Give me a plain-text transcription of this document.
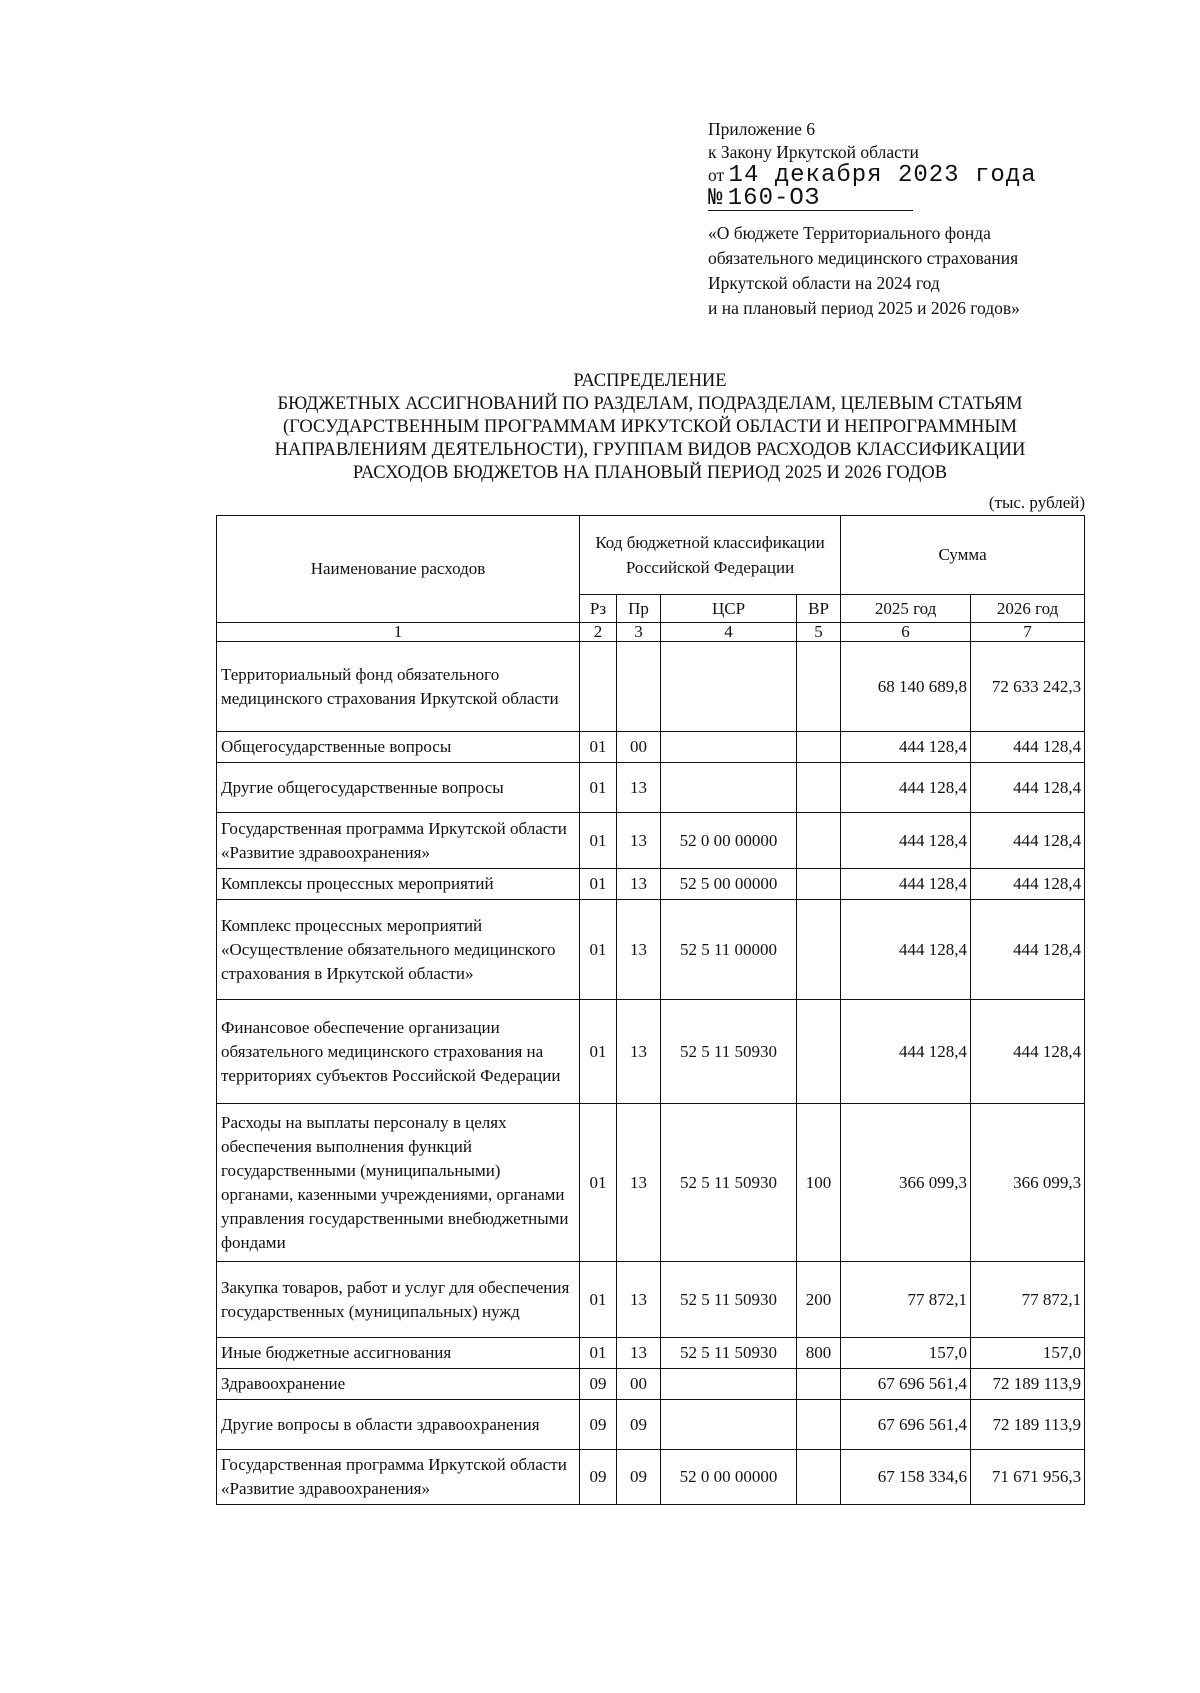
Приложение 6
к Закону Иркутской области
от 14 декабря 2023 года
№ 160-ОЗ
«О бюджете Территориального фонда
обязательного медицинского страхования
Иркутской области на 2024 год
и на плановый период 2025 и 2026 годов»
РАСПРЕДЕЛЕНИЕ
БЮДЖЕТНЫХ АССИГНОВАНИЙ ПО РАЗДЕЛАМ, ПОДРАЗДЕЛАМ, ЦЕЛЕВЫМ СТАТЬЯМ
(ГОСУДАРСТВЕННЫМ ПРОГРАММАМ ИРКУТСКОЙ ОБЛАСТИ И НЕПРОГРАММНЫМ
НАПРАВЛЕНИЯМ ДЕЯТЕЛЬНОСТИ), ГРУППАМ ВИДОВ РАСХОДОВ КЛАССИФИКАЦИИ
РАСХОДОВ БЮДЖЕТОВ НА ПЛАНОВЫЙ ПЕРИОД 2025 И 2026 ГОДОВ
(тыс. рублей)
Наименование расходов	Код бюджетной классификации Российской Федерации				Сумма	
	Рз	Пр	ЦСР	ВР	2025 год	2026 год
1	2	3	4	5	6	7
Территориальный фонд обязательного медицинского страхования Иркутской области					68 140 689,8	72 633 242,3
Общегосударственные вопросы	01	00			444 128,4	444 128,4
Другие общегосударственные вопросы	01	13			444 128,4	444 128,4
Государственная программа Иркутской области «Развитие здравоохранения»	01	13	52 0 00 00000		444 128,4	444 128,4
Комплексы процессных мероприятий	01	13	52 5 00 00000		444 128,4	444 128,4
Комплекс процессных мероприятий «Осуществление обязательного медицинского страхования в Иркутской области»	01	13	52 5 11 00000		444 128,4	444 128,4
Финансовое обеспечение организации обязательного медицинского страхования на территориях субъектов Российской Федерации	01	13	52 5 11 50930		444 128,4	444 128,4
Расходы на выплаты персоналу в целях обеспечения выполнения функций государственными (муниципальными) органами, казенными учреждениями, органами управления государственными внебюджетными фондами	01	13	52 5 11 50930	100	366 099,3	366 099,3
Закупка товаров, работ и услуг для обеспечения государственных (муниципальных) нужд	01	13	52 5 11 50930	200	77 872,1	77 872,1
Иные бюджетные ассигнования	01	13	52 5 11 50930	800	157,0	157,0
Здравоохранение	09	00			67 696 561,4	72 189 113,9
Другие вопросы в области здравоохранения	09	09			67 696 561,4	72 189 113,9
Государственная программа Иркутской области «Развитие здравоохранения»	09	09	52 0 00 00000		67 158 334,6	71 671 956,3
